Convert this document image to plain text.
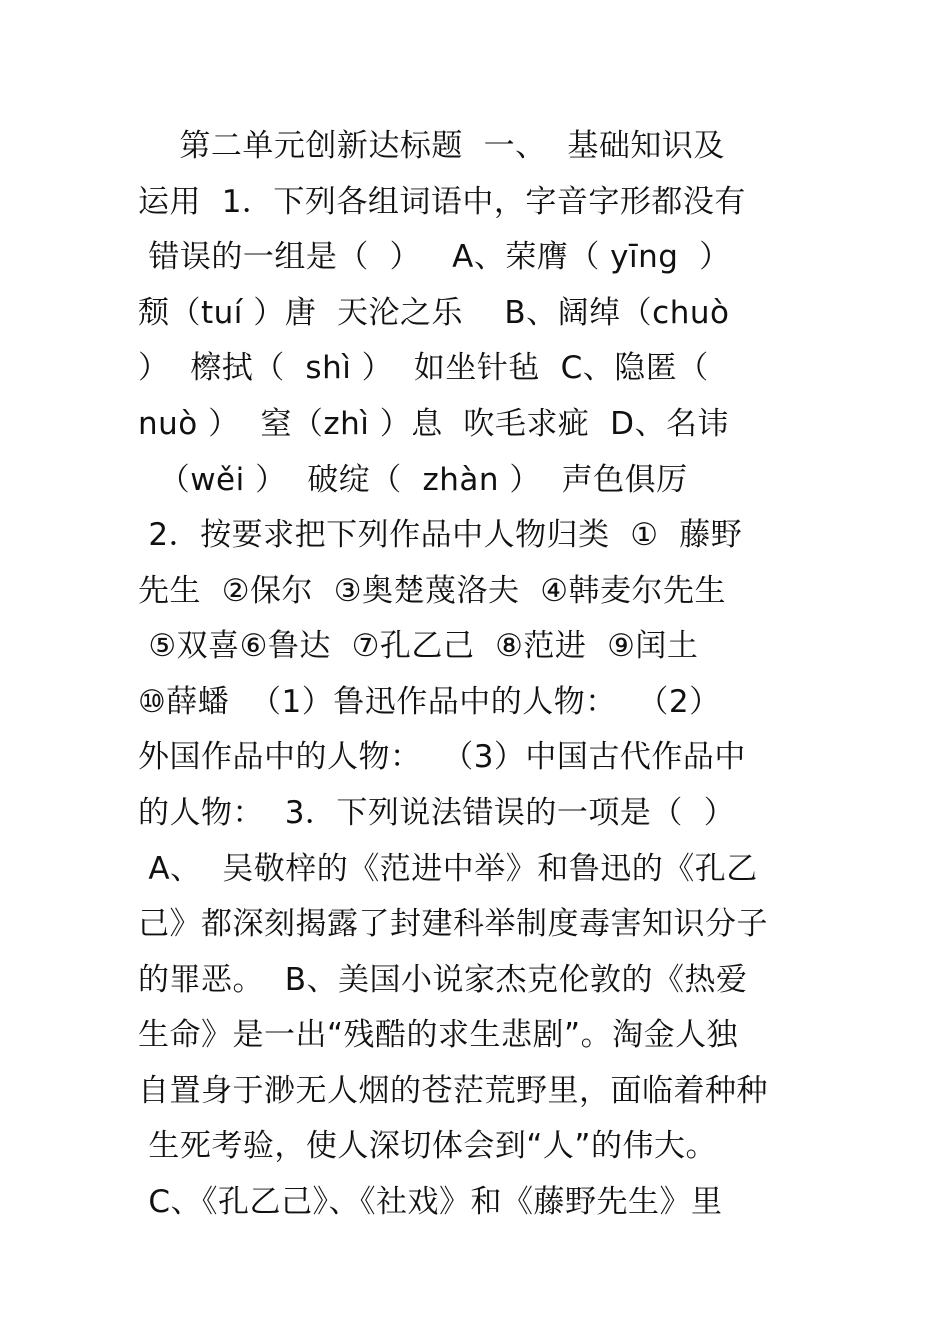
第二单元创新达标题  一、  基础知识及
运用  1．下列各组词语中，字音字形都没有
错误的一组是（  ）   A、荣膺（ yīng  ）
颓（tuí ）唐  天沦之乐    B、阔绰（chuò
）  檫拭（  shì ）  如坐针毡  C、隐匿（
nuò ）  窒（zhì ）息  吹毛求疵  D、名讳
（wěi ）  破绽（  zhàn ）  声色俱厉
2．按要求把下列作品中人物归类  ①  藤野
先生  ②保尔  ③奥楚蔑洛夫  ④韩麦尔先生
⑤双喜⑥鲁达  ⑦孔乙己  ⑧范进  ⑨闰土
⑩薛蟠  （1）鲁迅作品中的人物：  （2）
外国作品中的人物：  （3）中国古代作品中
的人物：  3．下列说法错误的一项是（  ）
A、  吴敬梓的《范进中举》和鲁迅的《孔乙
己》都深刻揭露了封建科举制度毒害知识分子
的罪恶。  B、美国小说家杰克伦敦的《热爱
生命》是一出“残酷的求生悲剧”。淘金人独
自置身于渺无人烟的苍茫荒野里，面临着种种
生死考验，使人深切体会到“人”的伟大。
C、《孔乙己》、《社戏》和《藤野先生》里
